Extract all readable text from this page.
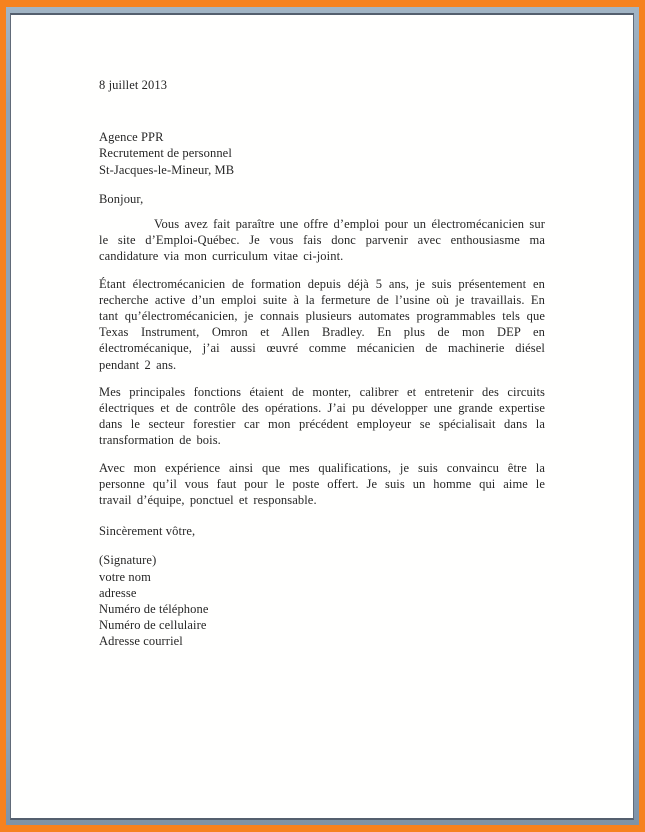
8 juillet 2013
Agence PPR
Recrutement de personnel
St-Jacques-le-Mineur, MB
Bonjour,

Vous avez fait paraître une offre d’emploi pour un électromécanicien sur le site d’Emploi-Québec. Je vous fais donc parvenir avec enthousiasme ma candidature via mon curriculum vitae ci-joint.

Étant électromécanicien de formation depuis déjà 5 ans, je suis présentement en recherche active d’un emploi suite à la fermeture de l’usine où je travaillais. En tant qu’électromécanicien, je connais plusieurs automates programmables tels que Texas Instrument, Omron et Allen Bradley. En plus de mon DEP en électromécanique, j’ai aussi œuvré comme mécanicien de machinerie diésel pendant 2 ans.

Mes principales fonctions étaient de monter, calibrer et entretenir des circuits électriques et de contrôle des opérations. J’ai pu développer une grande expertise dans le secteur forestier car mon précédent employeur se spécialisait dans la transformation de bois.

Avec mon expérience ainsi que mes qualifications, je suis convaincu être la personne qu’il vous faut pour le poste offert. Je suis un homme qui aime le travail d’équipe, ponctuel et responsable.

Sincèrement vôtre,
(Signature)
votre nom
adresse
Numéro de téléphone
Numéro de cellulaire
Adresse courriel
